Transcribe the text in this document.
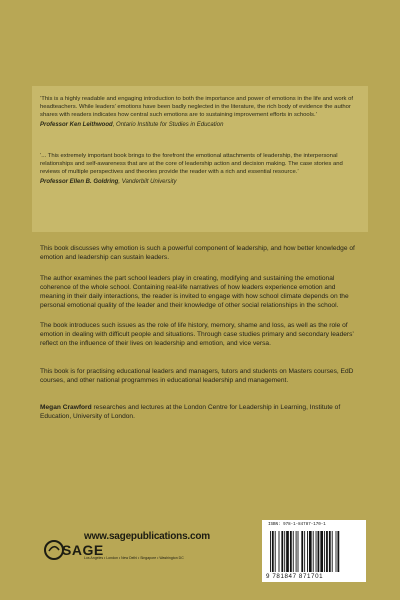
‘This is a highly readable and engaging introduction to both the importance and power of emotions in the life and work of headteachers. While leaders’ emotions have been badly neglected in the literature, the rich body of evidence the author shares with readers indicates how central such emotions are to sustaining improvement efforts in schools.’
Professor Ken Leithwood, Ontario Institute for Studies in Education
‘... This extremely important book brings to the forefront the emotional attachments of leadership, the interpersonal relationships and self-awareness that are at the core of leadership action and decision making. The case stories and reviews of multiple perspectives and theories provide the reader with a rich and essential resource.’
Professor Ellen B. Goldring, Vanderbilt University
This book discusses why emotion is such a powerful component of leadership, and how better knowledge of emotion and leadership can sustain leaders.
The author examines the part school leaders play in creating, modifying and sustaining the emotional coherence of the whole school. Containing real-life narratives of how leaders experience emotion and meaning in their daily interactions, the reader is invited to engage with how school climate depends on the personal emotional quality of the leader and their knowledge of other social relationships in the school.
The book introduces such issues as the role of life history, memory, shame and loss, as well as the role of emotion in dealing with difficult people and situations. Through case studies primary and secondary leaders’ reflect on the influence of their lives on leadership and emotion, and vice versa.
This book is for practising educational leaders and managers, tutors and students on Masters courses, EdD courses, and other national programmes in educational leadership and management.
Megan Crawford researches and lectures at the London Centre for Leadership in Learning, Institute of Education, University of London.
www.sagepublications.com
SAGE
Los Angeles • London • New Delhi • Singapore • Washington DC
ISBN: 978-1-84787-170-1
9 781847 871701
